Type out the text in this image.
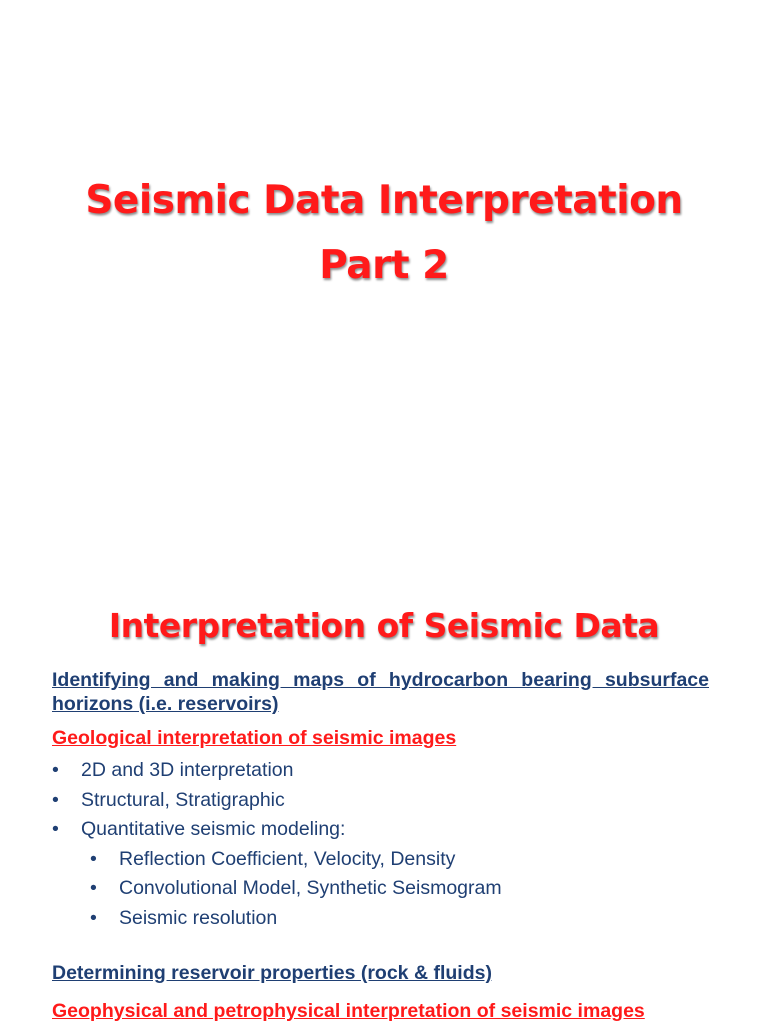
Seismic Data Interpretation
Part 2
Interpretation of Seismic Data
Identifying and making maps of hydrocarbon bearing subsurface horizons (i.e. reservoirs)
Geological interpretation of seismic images
• 2D and 3D interpretation
• Structural, Stratigraphic
• Quantitative seismic modeling:
• Reflection Coefficient, Velocity, Density
• Convolutional Model, Synthetic Seismogram
• Seismic resolution
Determining reservoir properties (rock & fluids)
Geophysical and petrophysical interpretation of seismic images
